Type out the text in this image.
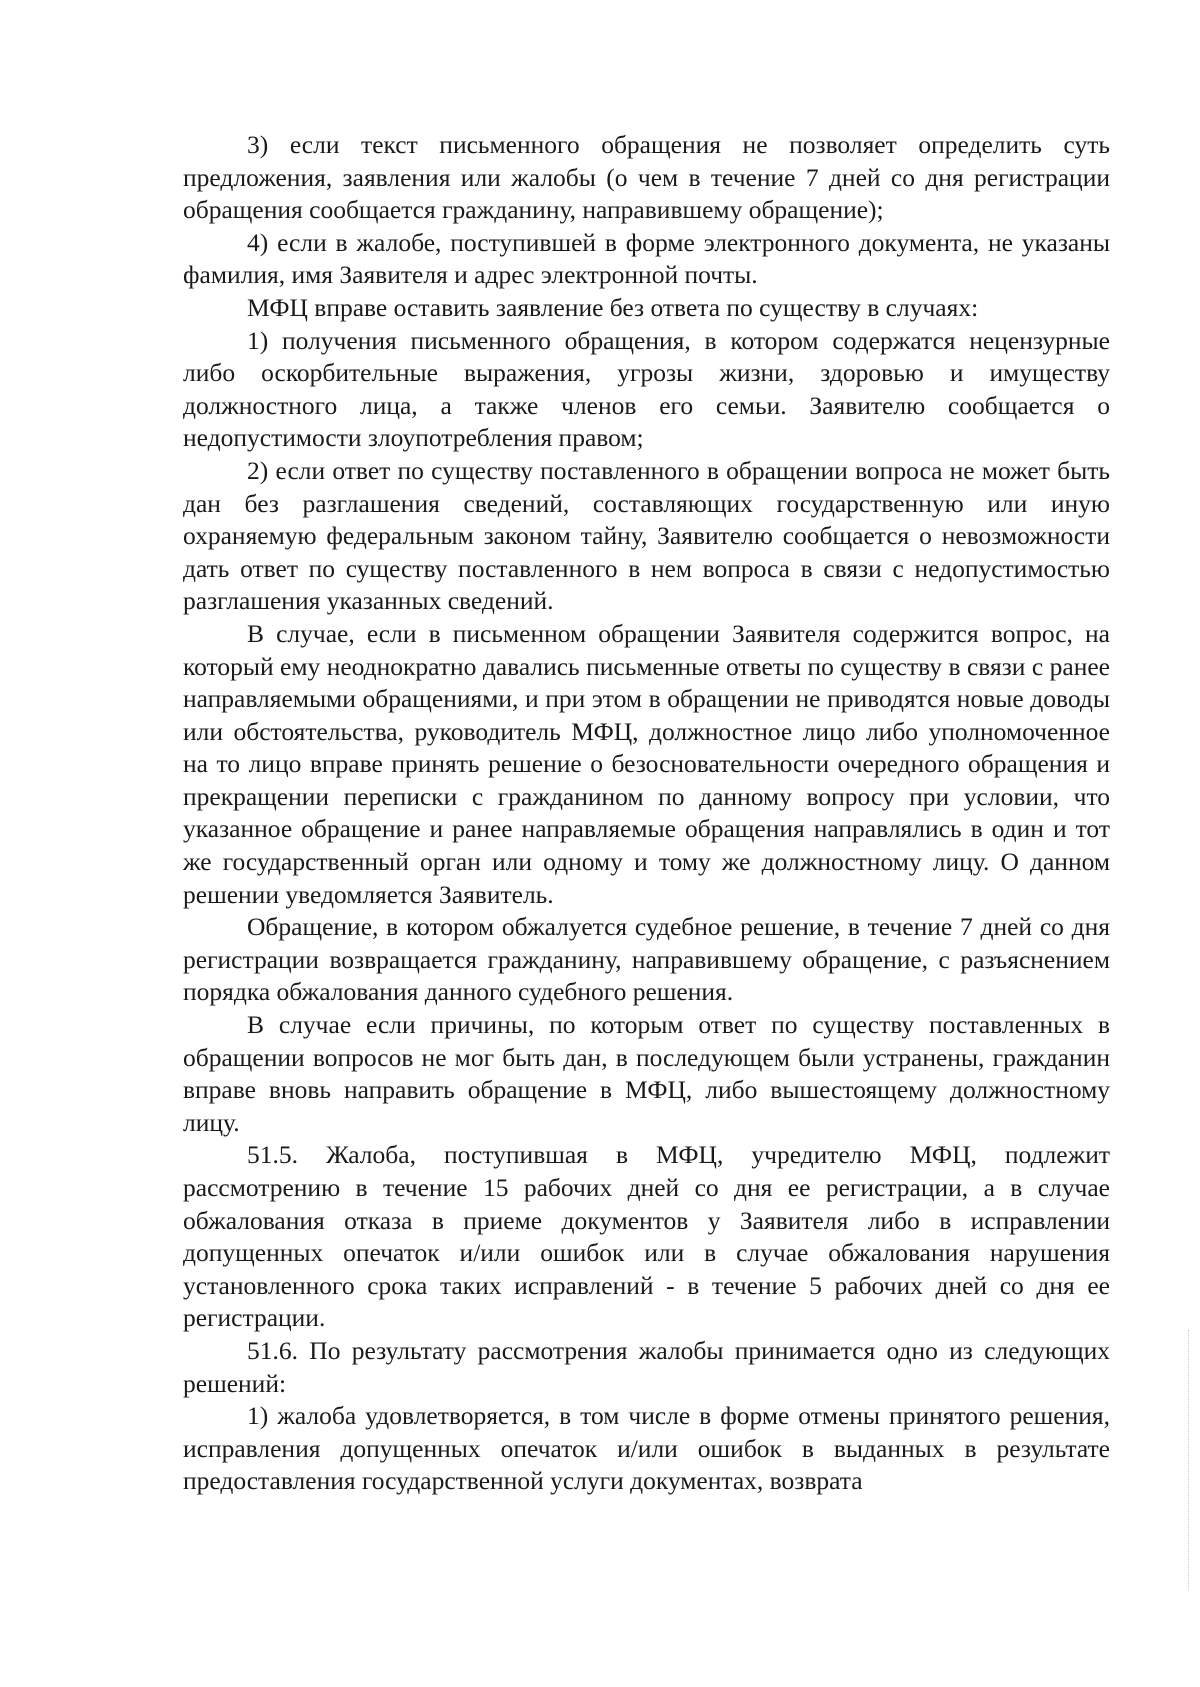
3) если текст письменного обращения не позволяет определить суть предложения, заявления или жалобы (о чем в течение 7 дней со дня регистрации обращения сообщается гражданину, направившему обращение);

4) если в жалобе, поступившей в форме электронного документа, не указаны фамилия, имя Заявителя и адрес электронной почты.

МФЦ вправе оставить заявление без ответа по существу в случаях:

1) получения письменного обращения, в котором содержатся нецензурные либо оскорбительные выражения, угрозы жизни, здоровью и имуществу должностного лица, а также членов его семьи. Заявителю сообщается о недопустимости злоупотребления правом;

2) если ответ по существу поставленного в обращении вопроса не может быть дан без разглашения сведений, составляющих государственную или иную охраняемую федеральным законом тайну, Заявителю сообщается о невозможности дать ответ по существу поставленного в нем вопроса в связи с недопустимостью разглашения указанных сведений.

В случае, если в письменном обращении Заявителя содержится вопрос, на который ему неоднократно давались письменные ответы по существу в связи с ранее направляемыми обращениями, и при этом в обращении не приводятся новые доводы или обстоятельства, руководитель МФЦ, должностное лицо либо уполномоченное на то лицо вправе принять решение о безосновательности очередного обращения и прекращении переписки с гражданином по данному вопросу при условии, что указанное обращение и ранее направляемые обращения направлялись в один и тот же государственный орган или одному и тому же должностному лицу. О данном решении уведомляется Заявитель.

Обращение, в котором обжалуется судебное решение, в течение 7 дней со дня регистрации возвращается гражданину, направившему обращение, с разъяснением порядка обжалования данного судебного решения.

В случае если причины, по которым ответ по существу поставленных в обращении вопросов не мог быть дан, в последующем были устранены, гражданин вправе вновь направить обращение в МФЦ, либо вышестоящему должностному лицу.

51.5. Жалоба, поступившая в МФЦ, учредителю МФЦ, подлежит рассмотрению в течение 15 рабочих дней со дня ее регистрации, а в случае обжалования отказа в приеме документов у Заявителя либо в исправлении допущенных опечаток и/или ошибок или в случае обжалования нарушения установленного срока таких исправлений - в течение 5 рабочих дней со дня ее регистрации.

51.6. По результату рассмотрения жалобы принимается одно из следующих решений:

1) жалоба удовлетворяется, в том числе в форме отмены принятого решения, исправления допущенных опечаток и/или ошибок в выданных в результате предоставления государственной услуги документах, возврата
